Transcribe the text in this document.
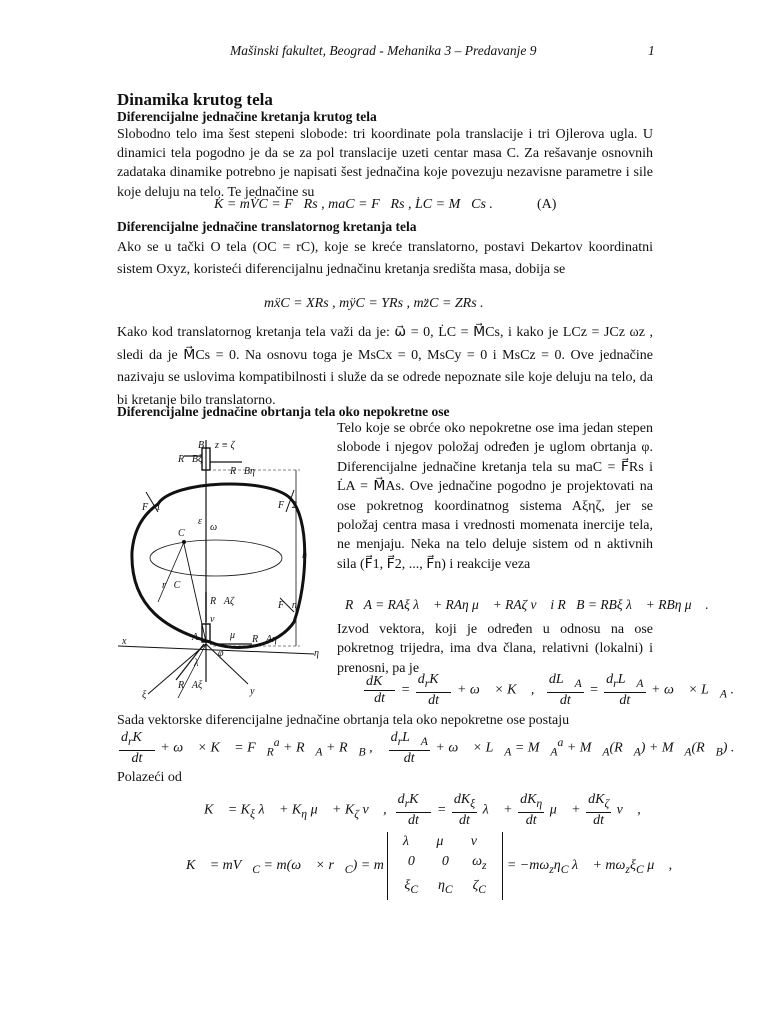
Mašinski fakultet, Beograd - Mehanika 3 – Predavanje 9	1
Dinamika krutog tela
Diferencijalne jednačine kretanja krutog tela

Slobodno telo ima šest stepeni slobode: tri koordinate pola translacije i tri Ojlerova ugla. U dinamici tela pogodno je da se za pol translacije uzeti centar masa C. Za rešavanje osnovnih zadataka dinamike potrebno je napisati šest jednačina koje povezuju nezavisne parametre i sile koje deluju na telo. Te jednačine su

K̇ = mV̇C = F⃗Rs , maC = F⃗Rs , L̇C = M⃗Cs .	(A)
Diferencijalne jednačine translatornog kretanja tela

Ako se u tački O tela (OC = rC), koje se kreće translatorno, postavi Dekartov koordinatni sistem Oxyz, koristeći diferencijalnu jednačinu kretanja središta masa, dobija se

mẍC = XRs , mÿC = YRs , mz̈C = ZRs .

Kako kod translatornog kretanja tela važi da je: ω⃗ = 0, L̇C = M⃗Cs, i kako je LCz = JCz ωz , sledi da je M⃗Cs = 0. Na osnovu toga je MsCx = 0, MsCy = 0 i MsCz = 0. Ove jednačine nazivaju se uslovima kompatibilnosti i služe da se odrede nepoznate sile koje deluju na telo, da bi kretanje bilo translatorno.

Diferencijalne jednačine obrtanja tela oko nepokretne ose
B z ≡ ζ
R⃗Bξ
R⃗Bη
F⃗1	F⃗2
C
ω⃗
ε⃗
r⃗C
h
R⃗Aζ	F⃗n
A
φ
ν⃗
μ⃗ R⃗Aη
x
η
λ⃗
R⃗Aξ
ξ	y

Telo koje se obrće oko nepokretne ose ima jedan stepen slobode i njegov položaj određen je uglom obrtanja φ. Diferencijalne jednačine kretanja tela su maC = F⃗Rs i L̇A = M⃗As. Ove jednačine pogodno je projektovati na ose pokretnog koordinatnog sistema Aξηζ, jer se položaj centra masa i vrednosti momenata inercije tela, ne menjaju. Neka na telo deluje sistem od n aktivnih sila (F⃗1, F⃗2, ..., F⃗n) i reakcije veza

R⃗A = RAξ λ⃗ + RAη μ⃗ + RAζ ν⃗ i R⃗B = RBξ λ⃗ + RBη μ⃗ .

Izvod vektora, koji je određen u odnosu na ose pokretnog trijedra, ima dva člana, relativni (lokalni) i prenosni, pa je

$\frac{dK⃗}{dt} = \frac{d_rK⃗}{dt}$ + ω⃗ × K⃗ , $\frac{dL⃗_A}{dt} = \frac{d_rL⃗_A}{dt}$ + ω⃗ × $L⃗_A$ .

Sada vektorske diferencijalne jednačine obrtanja tela oko nepokretne ose postaju

$\frac{d_rK⃗}{dt}$ + ω⃗ × K⃗ = $F⃗_R^a$ + $R⃗_A$ + $R⃗_B$ , $\frac{d_rL⃗_A}{dt}$ + ω⃗ × $L⃗_A$ = $M⃗_A^a$ + $M⃗_A(R⃗_A)$ + $M⃗_A(R⃗_B)$ .

Polazeći od

K⃗ = $K_\xi$ λ⃗ + $K_\eta$ μ⃗ + $K_\zeta$ ν⃗ , $\frac{d_rK⃗}{dt} = \frac{dK_\xi}{dt}$ λ⃗ + $\frac{dK_\eta}{dt}$ μ⃗ + $\frac{dK_\zeta}{dt}$ ν⃗ ,
K⃗ = $mV⃗_C$ = m(ω⃗ × $r⃗_C) = m$
λ⃗ μ⃗ ν⃗
0 0 $\omega_z$
$\xi_C$ $\eta_C$ $\zeta_C$
= $-m\omega_z\eta_C$ λ⃗ + $m\omega_z\xi_C$ μ⃗ ,
